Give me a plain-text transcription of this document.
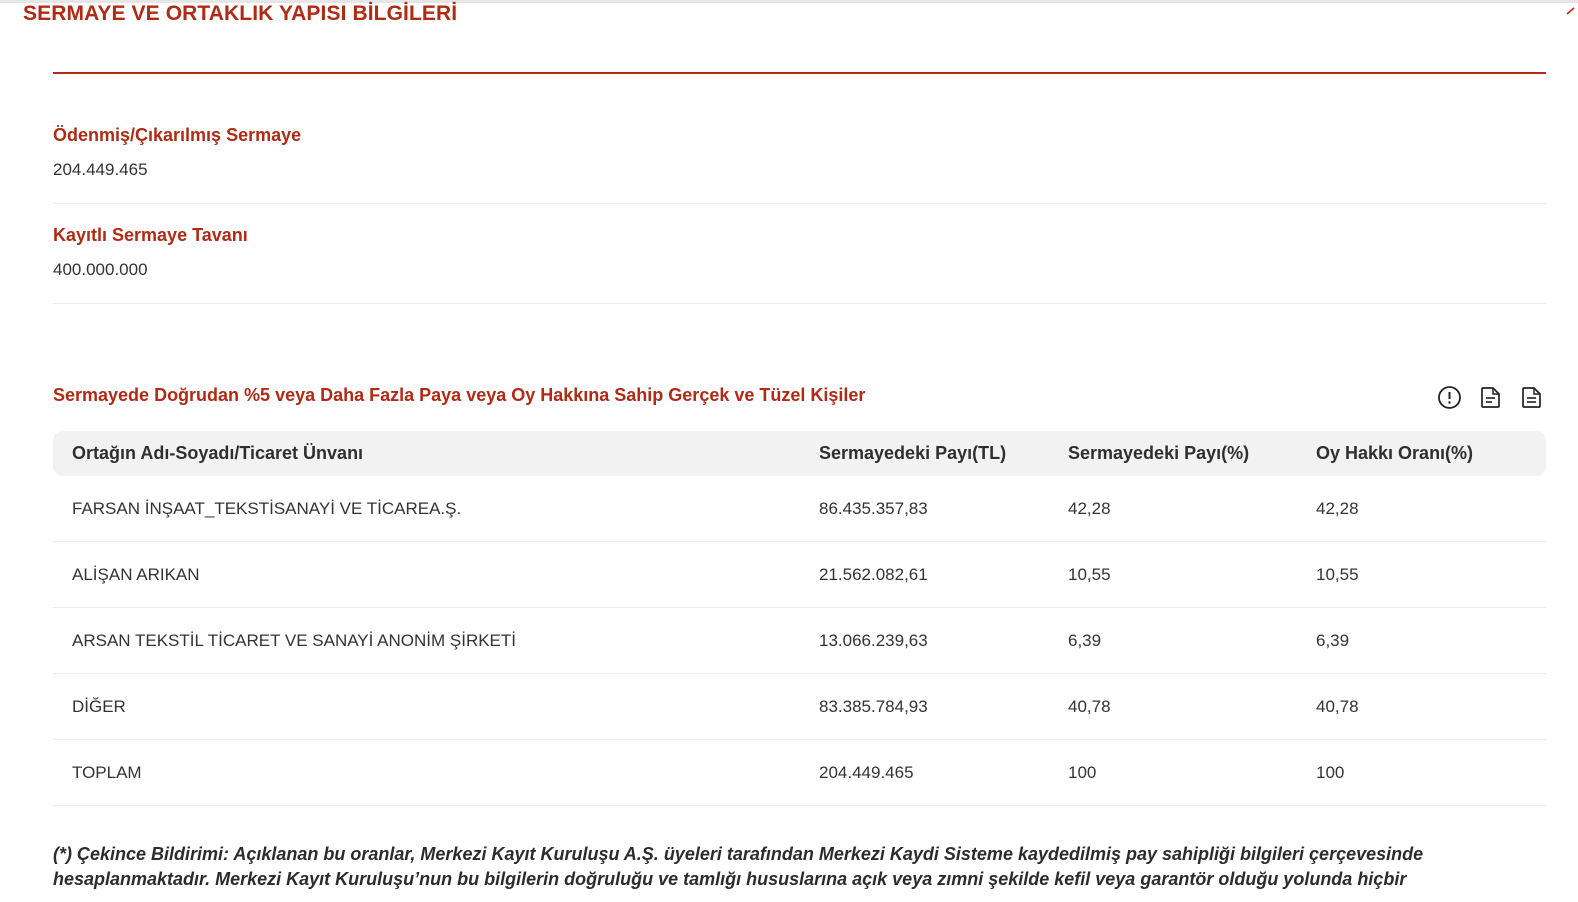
SERMAYE VE ORTAKLIK YAPISI BİLGİLERİ
Ödenmiş/Çıkarılmış Sermaye
204.449.465
Kayıtlı Sermaye Tavanı
400.000.000
Sermayede Doğrudan %5 veya Daha Fazla Paya veya Oy Hakkına Sahip Gerçek ve Tüzel Kişiler
Ortağın Adı-Soyadı/Ticaret Ünvanı	Sermayedeki Payı(TL)	Sermayedeki Payı(%)	Oy Hakkı Oranı(%)
FARSAN İNŞAAT_TEKSTİSANAYİ VE TİCAREA.Ş.	86.435.357,83	42,28	42,28
ALİŞAN ARIKAN	21.562.082,61	10,55	10,55
ARSAN TEKSTİL TİCARET VE SANAYİ ANONİM ŞİRKETİ	13.066.239,63	6,39	6,39
DİĞER	83.385.784,93	40,78	40,78
TOPLAM	204.449.465	100	100
(*) Çekince Bildirimi: Açıklanan bu oranlar, Merkezi Kayıt Kuruluşu A.Ş. üyeleri tarafından Merkezi Kaydi Sisteme kaydedilmiş pay sahipliği bilgileri çerçevesinde hesaplanmaktadır. Merkezi Kayıt Kuruluşu’nun bu bilgilerin doğruluğu ve tamlığı hususlarına açık veya zımni şekilde kefil veya garantör olduğu yolunda hiçbir
